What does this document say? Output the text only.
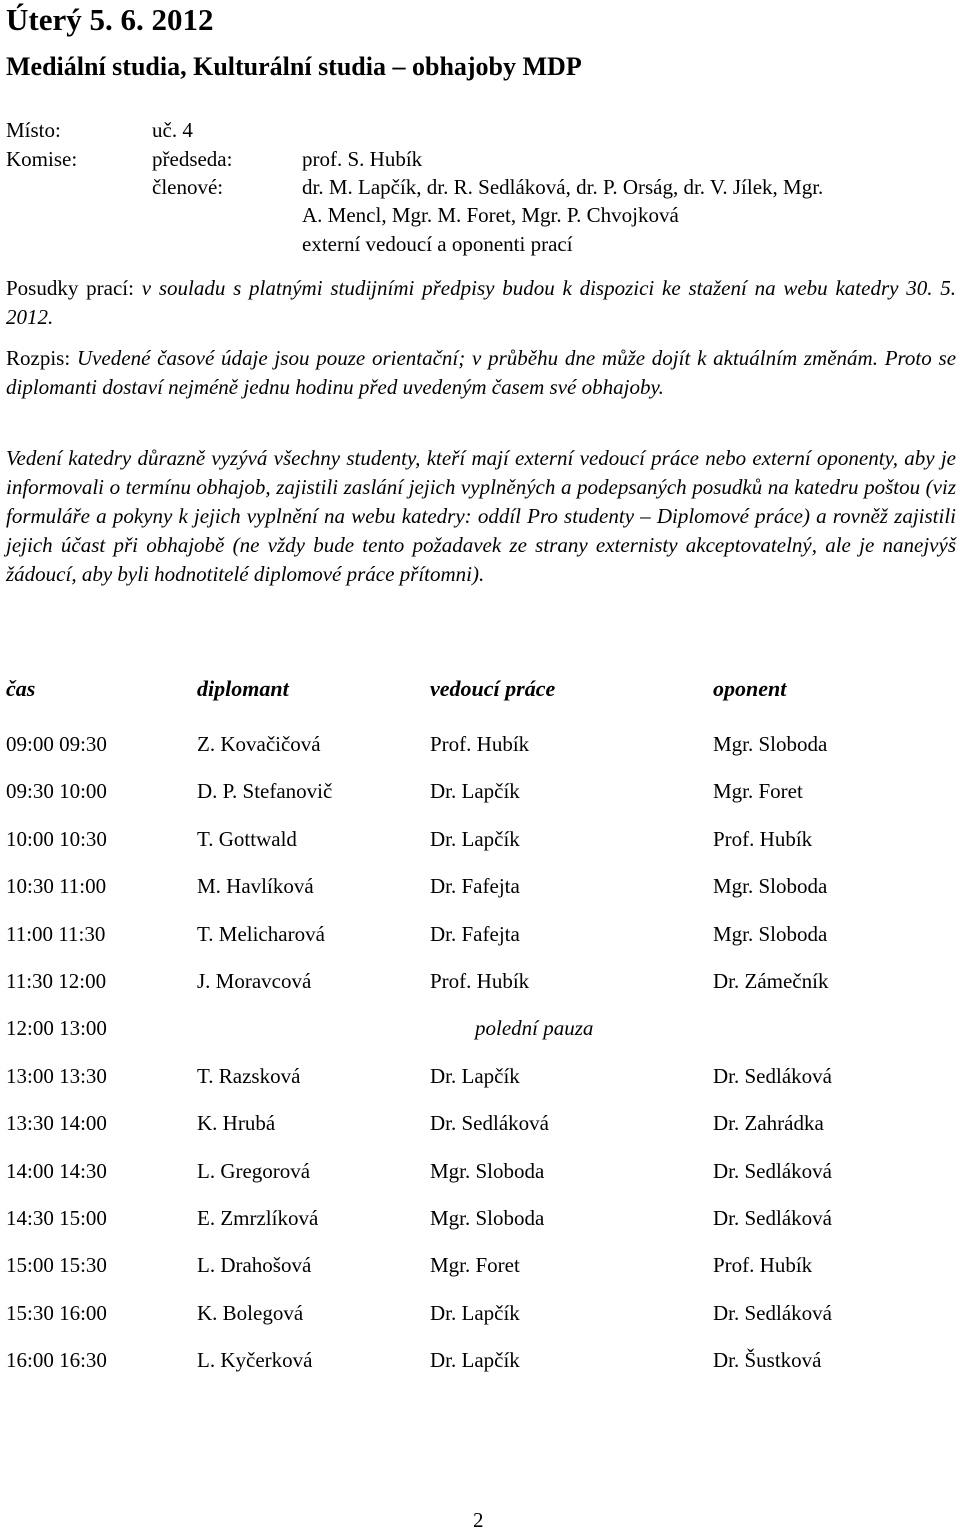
Úterý 5. 6. 2012
Mediální studia, Kulturální studia – obhajoby MDP
Místo:	uč. 4
Komise:	předseda:	prof. S. Hubík
členové:	dr. M. Lapčík, dr. R. Sedláková, dr. P. Orság, dr. V. Jílek, Mgr.
A. Mencl, Mgr. M. Foret, Mgr. P. Chvojková
externí vedoucí a oponenti prací
Posudky prací: v souladu s platnými studijními předpisy budou k dispozici ke stažení na webu katedry 30. 5. 2012.
Rozpis: Uvedené časové údaje jsou pouze orientační; v průběhu dne může dojít k aktuálním změnám. Proto se diplomanti dostaví nejméně jednu hodinu před uvedeným časem své obhajoby.
Vedení katedry důrazně vyzývá všechny studenty, kteří mají externí vedoucí práce nebo externí oponenty, aby je informovali o termínu obhajob, zajistili zaslání jejich vyplněných a podepsaných posudků na katedru poštou (viz formuláře a pokyny k jejich vyplnění na webu katedry: oddíl Pro studenty – Diplomové práce) a rovněž zajistili jejich účast při obhajobě (ne vždy bude tento požadavek ze strany externisty akceptovatelný, ale je nanejvýš žádoucí, aby byli hodnotitelé diplomové práce přítomni).
čas	diplomant	vedoucí práce	oponent
09:00 09:30	Z. Kovačičová	Prof. Hubík	Mgr. Sloboda
09:30 10:00	D. P. Stefanovič	Dr. Lapčík	Mgr. Foret
10:00 10:30	T. Gottwald	Dr. Lapčík	Prof. Hubík
10:30 11:00	M. Havlíková	Dr. Fafejta	Mgr. Sloboda
11:00 11:30	T. Melicharová	Dr. Fafejta	Mgr. Sloboda
11:30 12:00	J. Moravcová	Prof. Hubík	Dr. Zámečník
12:00 13:00	polední pauza
13:00 13:30	T. Razsková	Dr. Lapčík	Dr. Sedláková
13:30 14:00	K. Hrubá	Dr. Sedláková	Dr. Zahrádka
14:00 14:30	L. Gregorová	Mgr. Sloboda	Dr. Sedláková
14:30 15:00	E. Zmrzlíková	Mgr. Sloboda	Dr. Sedláková
15:00 15:30	L. Drahošová	Mgr. Foret	Prof. Hubík
15:30 16:00	K. Bolegová	Dr. Lapčík	Dr. Sedláková
16:00 16:30	L. Kyčerková	Dr. Lapčík	Dr. Šustková
2
